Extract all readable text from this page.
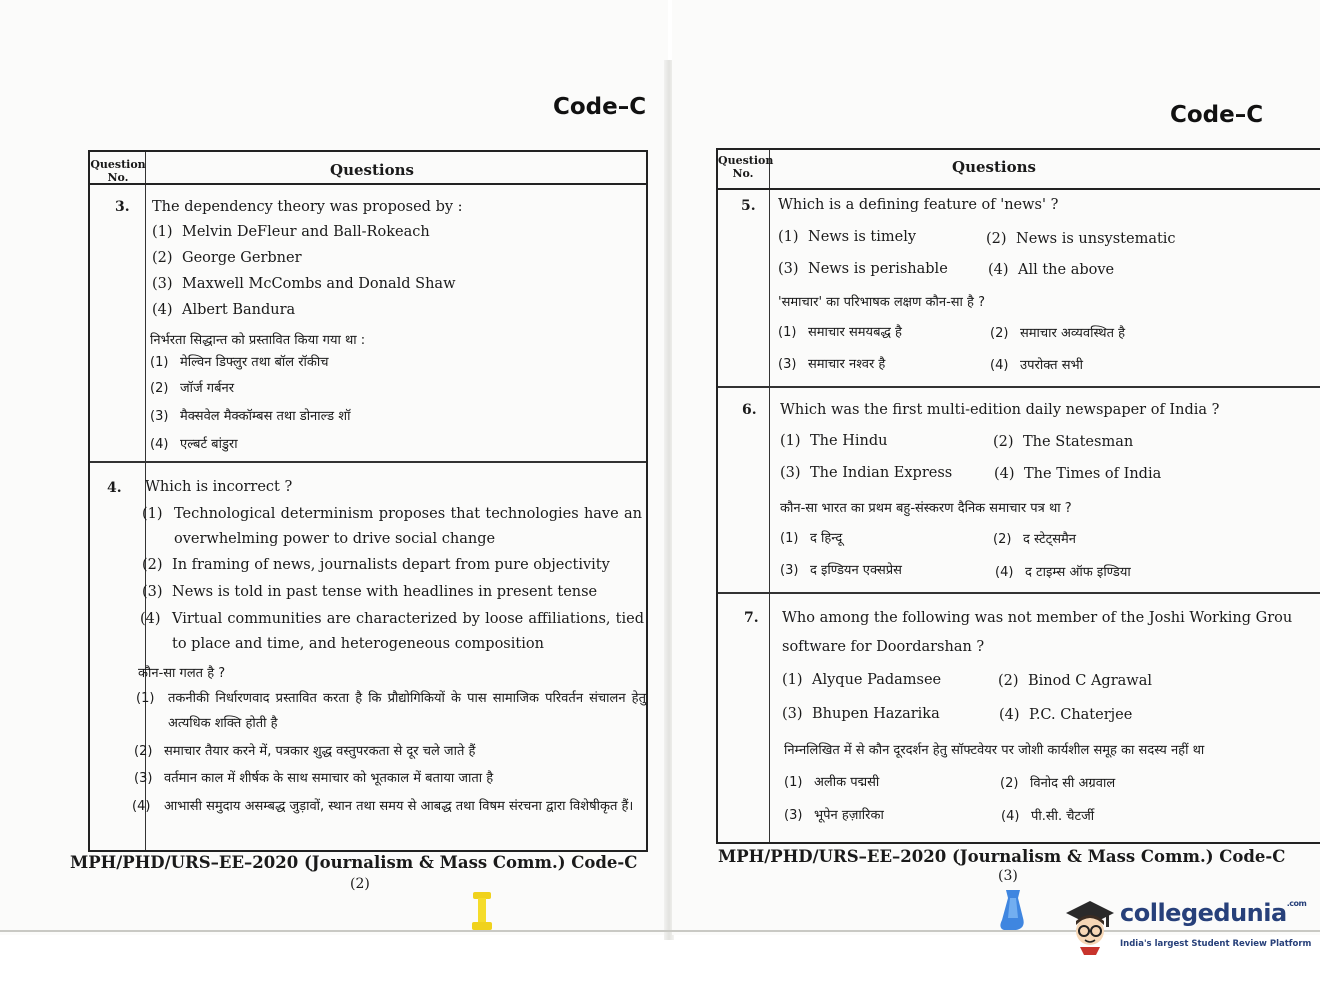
Code–C
Question
No.	Questions
3. The dependency theory was proposed by :
(1) Melvin DeFleur and Ball-Rokeach
(2) George Gerbner
(3) Maxwell McCombs and Donald Shaw
(4) Albert Bandura
निर्भरता सिद्धान्त को प्रस्तावित किया गया था :
(1) मेल्विन डिफ्लुर तथा बॉल रॉकीच
(2) जॉर्ज गर्बनर
(3) मैक्सवेल मैक्कॉम्बस तथा डोनाल्ड शॉ
(4) एल्बर्ट बांडुरा
4. Which is incorrect ?
(1) Technological determinism proposes that technologies have an overwhelming power to drive social change
(2) In framing of news, journalists depart from pure objectivity
(3) News is told in past tense with headlines in present tense
(4) Virtual communities are characterized by loose affiliations, tied to place and time, and heterogeneous composition
कौन-सा गलत है ?
(1)	तकनीकी निर्धारणवाद प्रस्तावित करता है कि प्रौद्योगिकियों के पास सामाजिक परिवर्तन संचालन हेतु अत्यधिक शक्ति होती है
(2) समाचार तैयार करने में, पत्रकार शुद्ध वस्तुपरकता से दूर चले जाते हैं
(3) वर्तमान काल में शीर्षक के साथ समाचार को भूतकाल में बताया जाता है
(4)	आभासी समुदाय असम्बद्ध जुड़ावों, स्थान तथा समय से आबद्ध तथा विषम संरचना द्वारा विशेषीकृत हैं।
MPH/PHD/URS–EE–2020 (Journalism & Mass Comm.) Code-C
(2)
Code–C
Question
No.	Questions
5. Which is a defining feature of 'news' ?
(1) News is timely	(2) News is unsystematic
(3) News is perishable	(4) All the above
'समाचार' का परिभाषक लक्षण कौन-सा है ?
(1) समाचार समयबद्ध है	(2) समाचार अव्यवस्थित है
(3) समाचार नश्वर है	(4) उपरोक्त सभी
6. Which was the first multi-edition daily newspaper of India ?
(1) The Hindu	(2) The Statesman
(3) The Indian Express	(4) The Times of India
कौन-सा भारत का प्रथम बहु-संस्करण दैनिक समाचार पत्र था ?
(1) द हिन्दू	(2) द स्टेट्समैन
(3) द इण्डियन एक्सप्रेस	(4) द टाइम्स ऑफ इण्डिया
7. Who among the following was not member of the Joshi Working Grou
software for Doordarshan ?
(1) Alyque Padamsee	(2) Binod C Agrawal
(3) Bhupen Hazarika	(4) P.C. Chaterjee
निम्नलिखित में से कौन दूरदर्शन हेतु सॉफ्टवेयर पर जोशी कार्यशील समूह का सदस्य नहीं था
(1) अलीक पद्मसी	(2) विनोद सी अग्रवाल
(3) भूपेन हज़ारिका	(4) पी.सी. चैटर्जी
MPH/PHD/URS–EE–2020 (Journalism & Mass Comm.) Code-C
(3)
collegedunia$^{.com}$
India's largest Student Review Platform
